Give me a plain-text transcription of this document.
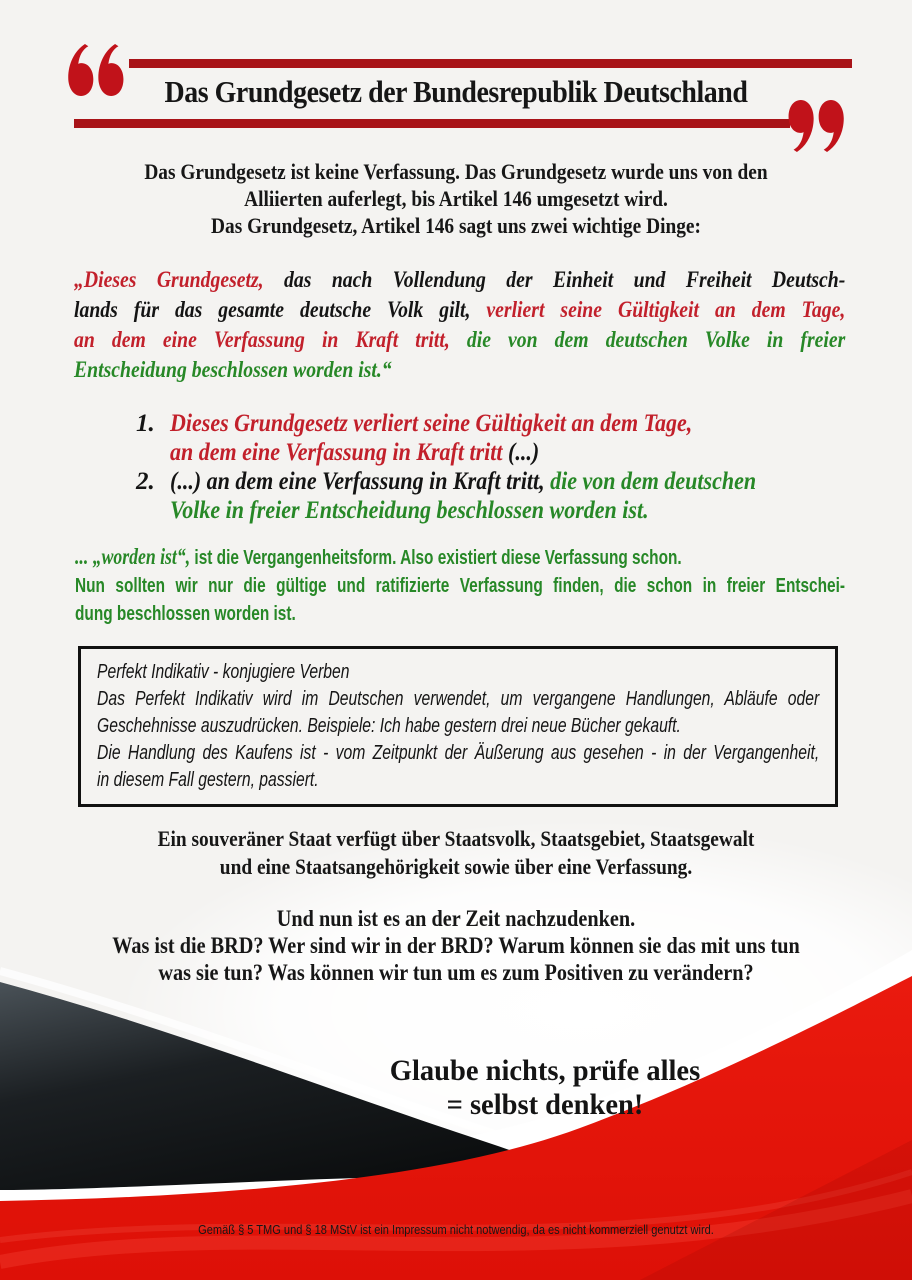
Das Grundgesetz der Bundesrepublik Deutschland
Das Grundgesetz ist keine Verfassung. Das Grundgesetz wurde uns von den
Alliierten auferlegt, bis Artikel 146 umgesetzt wird.
Das Grundgesetz, Artikel 146 sagt uns zwei wichtige Dinge:
„Dieses Grundgesetz, das nach Vollendung der Einheit und Freiheit Deutsch-
lands für das gesamte deutsche Volk gilt, verliert seine Gültigkeit an dem Tage,
an dem eine Verfassung in Kraft tritt, die von dem deutschen Volke in freier
Entscheidung beschlossen worden ist.“
1. Dieses Grundgesetz verliert seine Gültigkeit an dem Tage,
an dem eine Verfassung in Kraft tritt (...)
2. (...) an dem eine Verfassung in Kraft tritt, die von dem deutschen
Volke in freier Entscheidung beschlossen worden ist.
... „worden ist“, ist die Vergangenheitsform. Also existiert diese Verfassung schon.
Nun sollten wir nur die gültige und ratifizierte Verfassung finden, die schon in freier Entschei-
dung beschlossen worden ist.
Perfekt Indikativ - konjugiere Verben
Das Perfekt Indikativ wird im Deutschen verwendet, um vergangene Handlungen, Abläufe oder
Geschehnisse auszudrücken. Beispiele: Ich habe gestern drei neue Bücher gekauft.
Die Handlung des Kaufens ist - vom Zeitpunkt der Äußerung aus gesehen - in der Vergangenheit,
in diesem Fall gestern, passiert.
Ein souveräner Staat verfügt über Staatsvolk, Staatsgebiet, Staatsgewalt
und eine Staatsangehörigkeit sowie über eine Verfassung.
Und nun ist es an der Zeit nachzudenken.
Was ist die BRD? Wer sind wir in der BRD? Warum können sie das mit uns tun
was sie tun? Was können wir tun um es zum Positiven zu verändern?
Glaube nichts, prüfe alles
= selbst denken!
Gemäß § 5 TMG und § 18 MStV ist ein Impressum nicht notwendig, da es nicht kommerziell genutzt wird.
